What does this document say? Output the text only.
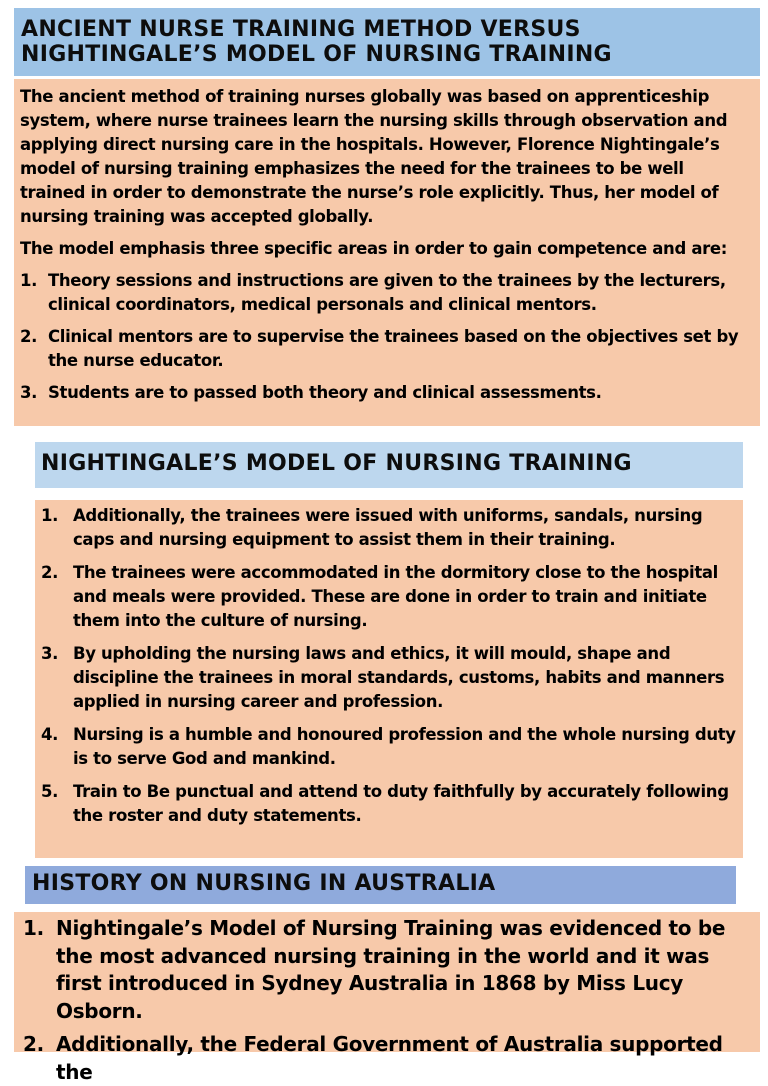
ANCIENT NURSE TRAINING METHOD VERSUS
NIGHTINGALE’S MODEL OF NURSING TRAINING

The ancient method of training nurses globally was based on apprenticeship system, where nurse trainees learn the nursing skills through observation and applying direct nursing care in the hospitals. However, Florence Nightingale’s model of nursing training emphasizes the need for the trainees to be well trained in order to demonstrate the nurse’s role explicitly. Thus, her model of nursing training was accepted globally.

The model emphasis three specific areas in order to gain competence and are:

1. Theory sessions and instructions are given to the trainees by the lecturers, clinical coordinators, medical personals and clinical mentors.
2. Clinical mentors are to supervise the trainees based on the objectives set by the nurse educator.
3. Students are to passed both theory and clinical assessments.
NIGHTINGALE’S MODEL OF NURSING TRAINING
1. Additionally, the trainees were issued with uniforms, sandals, nursing caps and nursing equipment to assist them in their training.
2. The trainees were accommodated in the dormitory close to the hospital and meals were provided. These are done in order to train and initiate them into the culture of nursing.
3. By upholding the nursing laws and ethics, it will mould, shape and discipline the trainees in moral standards, customs, habits and manners applied in nursing career and profession.
4. Nursing is a humble and honoured profession and the whole nursing duty is to serve God and mankind.
5. Train to Be punctual and attend to duty faithfully by accurately following the roster and duty statements.
HISTORY ON NURSING IN AUSTRALIA
1. Nightingale’s Model of Nursing Training was evidenced to be the most advanced nursing training in the world and it was first introduced in Sydney Australia in 1868 by Miss Lucy Osborn.
2. Additionally, the Federal Government of Australia supported the
